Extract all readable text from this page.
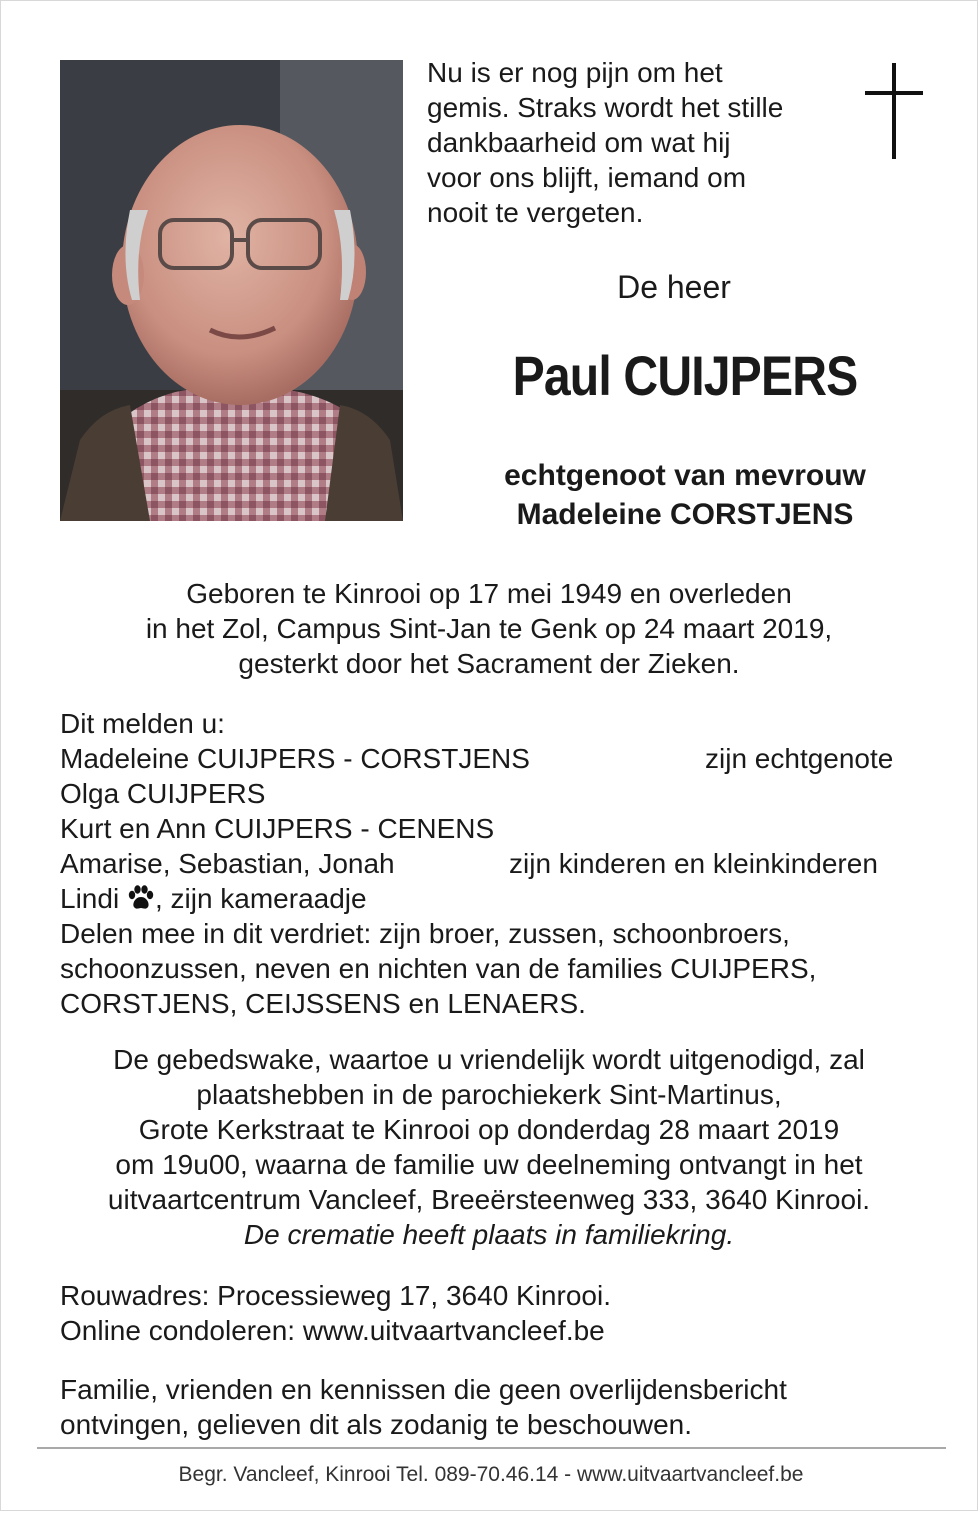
Nu is er nog pijn om het
gemis. Straks wordt het stille
dankbaarheid om wat hij
voor ons blijft, iemand om
nooit te vergeten.

De heer
Paul CUIJPERS
echtgenoot van mevrouw
Madeleine CORSTJENS
Geboren te Kinrooi op 17 mei 1949 en overleden
in het Zol, Campus Sint-Jan te Genk op 24 maart 2019,
gesterkt door het Sacrament der Zieken.
Dit melden u:
Madeleine CUIJPERS - CORSTJENS	zijn echtgenote
Olga CUIJPERS
Kurt en Ann CUIJPERS - CENENS
Amarise, Sebastian, Jonah	zijn kinderen en kleinkinderen
Lindi , zijn kameraadje
Delen mee in dit verdriet: zijn broer, zussen, schoonbroers,
schoonzussen, neven en nichten van de families CUIJPERS,
CORSTJENS, CEIJSSENS en LENAERS.
De gebedswake, waartoe u vriendelijk wordt uitgenodigd, zal
plaatshebben in de parochiekerk Sint-Martinus,
Grote Kerkstraat te Kinrooi op donderdag 28 maart 2019
om 19u00, waarna de familie uw deelneming ontvangt in het
uitvaartcentrum Vancleef, Breeërsteenweg 333, 3640 Kinrooi.
De crematie heeft plaats in familiekring.
Rouwadres: Processieweg 17, 3640 Kinrooi.
Online condoleren: www.uitvaartvancleef.be
Familie, vrienden en kennissen die geen overlijdensbericht
ontvingen, gelieven dit als zodanig te beschouwen.
Begr. Vancleef, Kinrooi Tel. 089-70.46.14 - www.uitvaartvancleef.be
